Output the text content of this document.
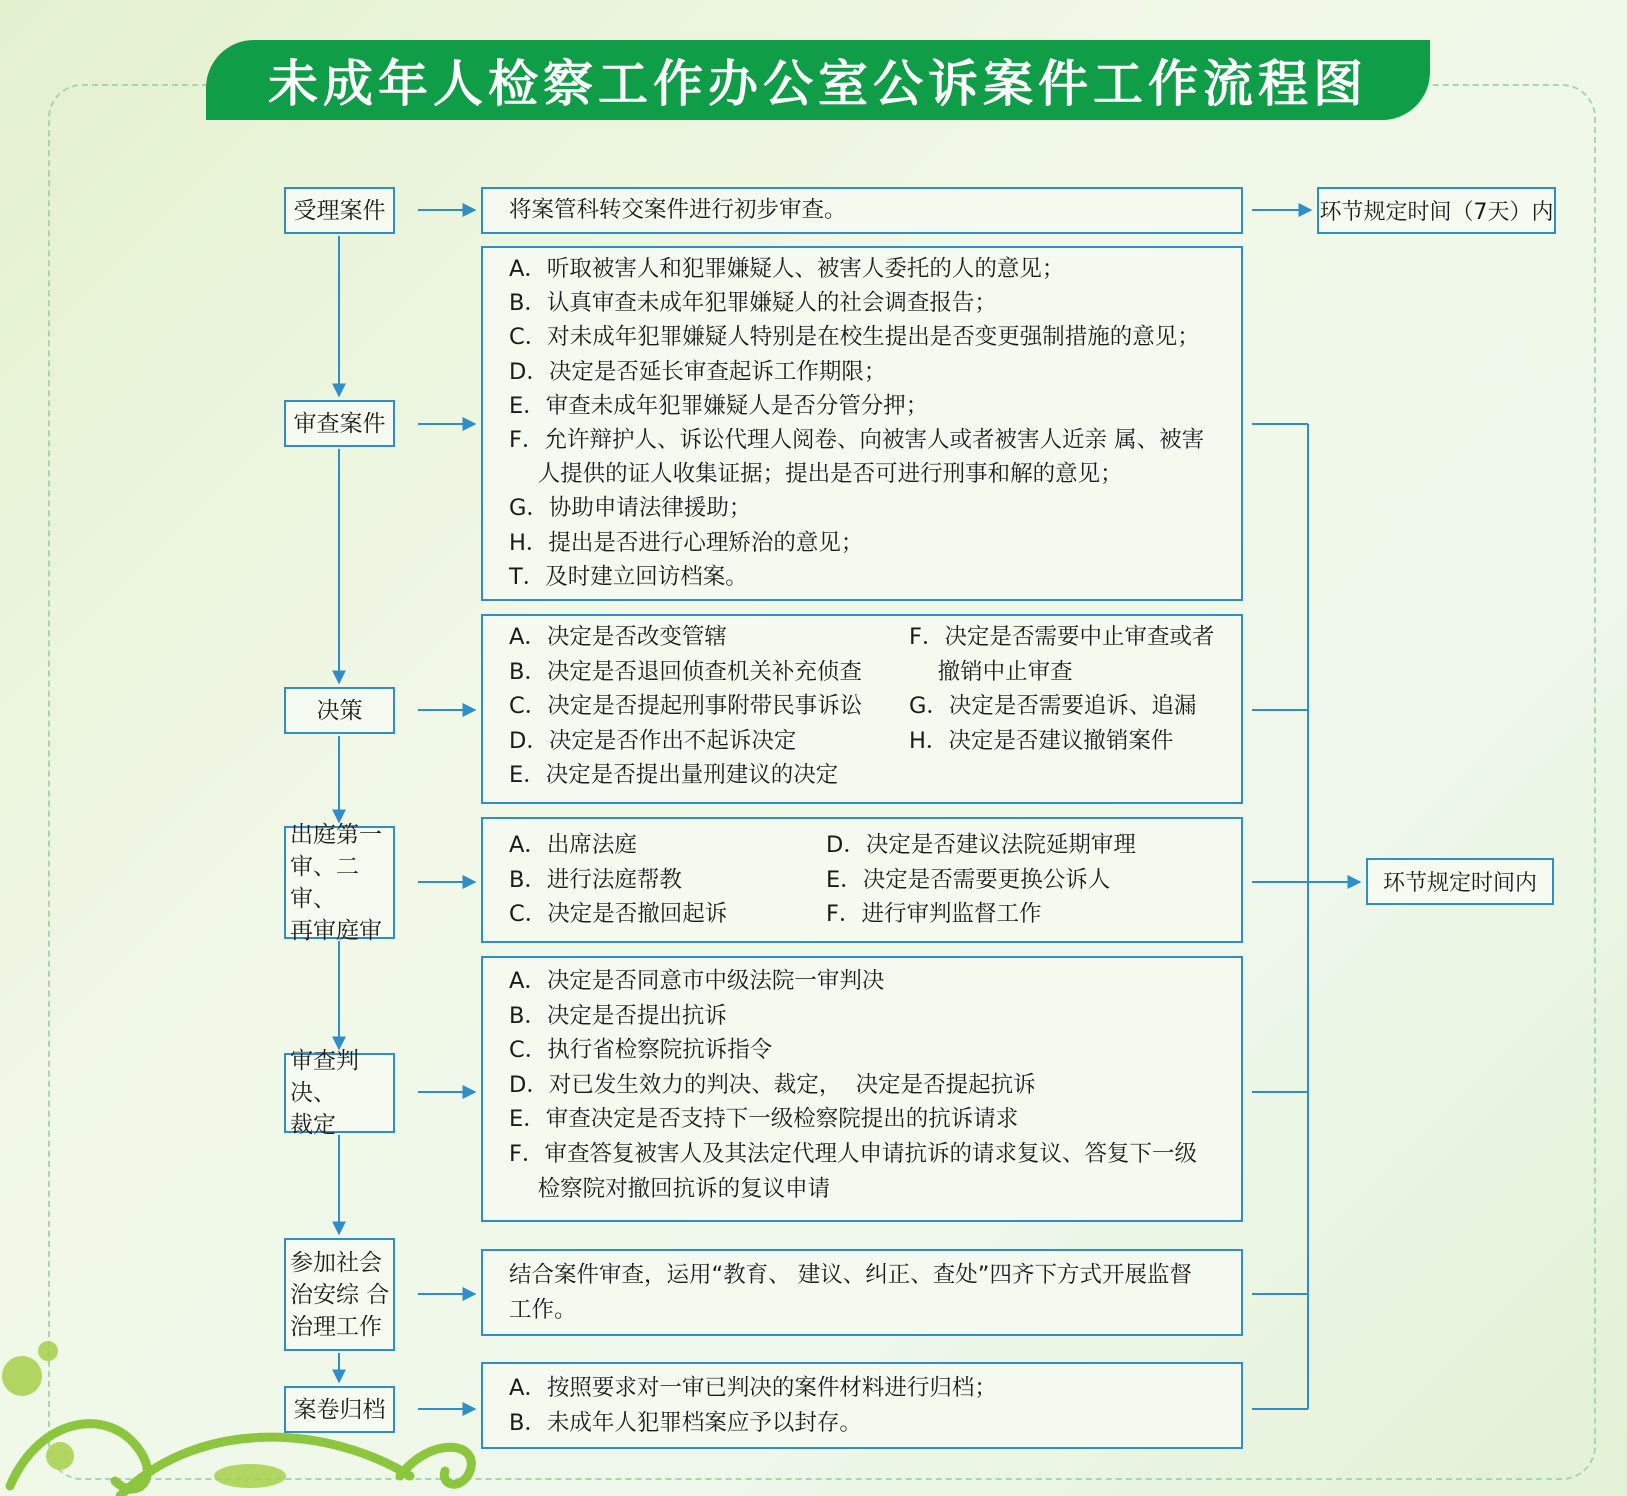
未成年人检察工作办公室公诉案件工作流程图
受理案件
审查案件
决策
出庭第一
审、二审、
再审庭审
审查判决、
裁定
参加社会
治安综 合
治理工作
案卷归档
将案管科转交案件进行初步审查。
A．听取被害人和犯罪嫌疑人、被害人委托的人的意见；
B．认真审查未成年犯罪嫌疑人的社会调查报告；
C．对未成年犯罪嫌疑人特别是在校生提出是否变更强制措施的意见；
D．决定是否延长审查起诉工作期限；
E．审查未成年犯罪嫌疑人是否分管分押；
F．允许辩护人、诉讼代理人阅卷、向被害人或者被害人近亲 属、被害
人提供的证人收集证据；提出是否可进行刑事和解的意见；
G．协助申请法律援助；
H．提出是否进行心理矫治的意见；
T．及时建立回访档案。
A．决定是否改变管辖
B．决定是否退回侦查机关补充侦查
C．决定是否提起刑事附带民事诉讼
D．决定是否作出不起诉决定
E．决定是否提出量刑建议的决定
F．决定是否需要中止审查或者
撤销中止审查
G．决定是否需要追诉、追漏
H．决定是否建议撤销案件
A．出席法庭
B．进行法庭帮教
C．决定是否撤回起诉
D．决定是否建议法院延期审理
E．决定是否需要更换公诉人
F．进行审判监督工作
A．决定是否同意市中级法院一审判决
B．决定是否提出抗诉
C．执行省检察院抗诉指令
D．对已发生效力的判决、裁定，  决定是否提起抗诉
E．审查决定是否支持下一级检察院提出的抗诉请求
F．审查答复被害人及其法定代理人申请抗诉的请求复议、答复下一级
检察院对撤回抗诉的复议申请
结合案件审查，运用“教育、 建议、纠正、查处”四齐下方式开展监督
工作。
A．按照要求对一审已判决的案件材料进行归档；
B．未成年人犯罪档案应予以封存。
环节规定时间（7天）内
环节规定时间内
